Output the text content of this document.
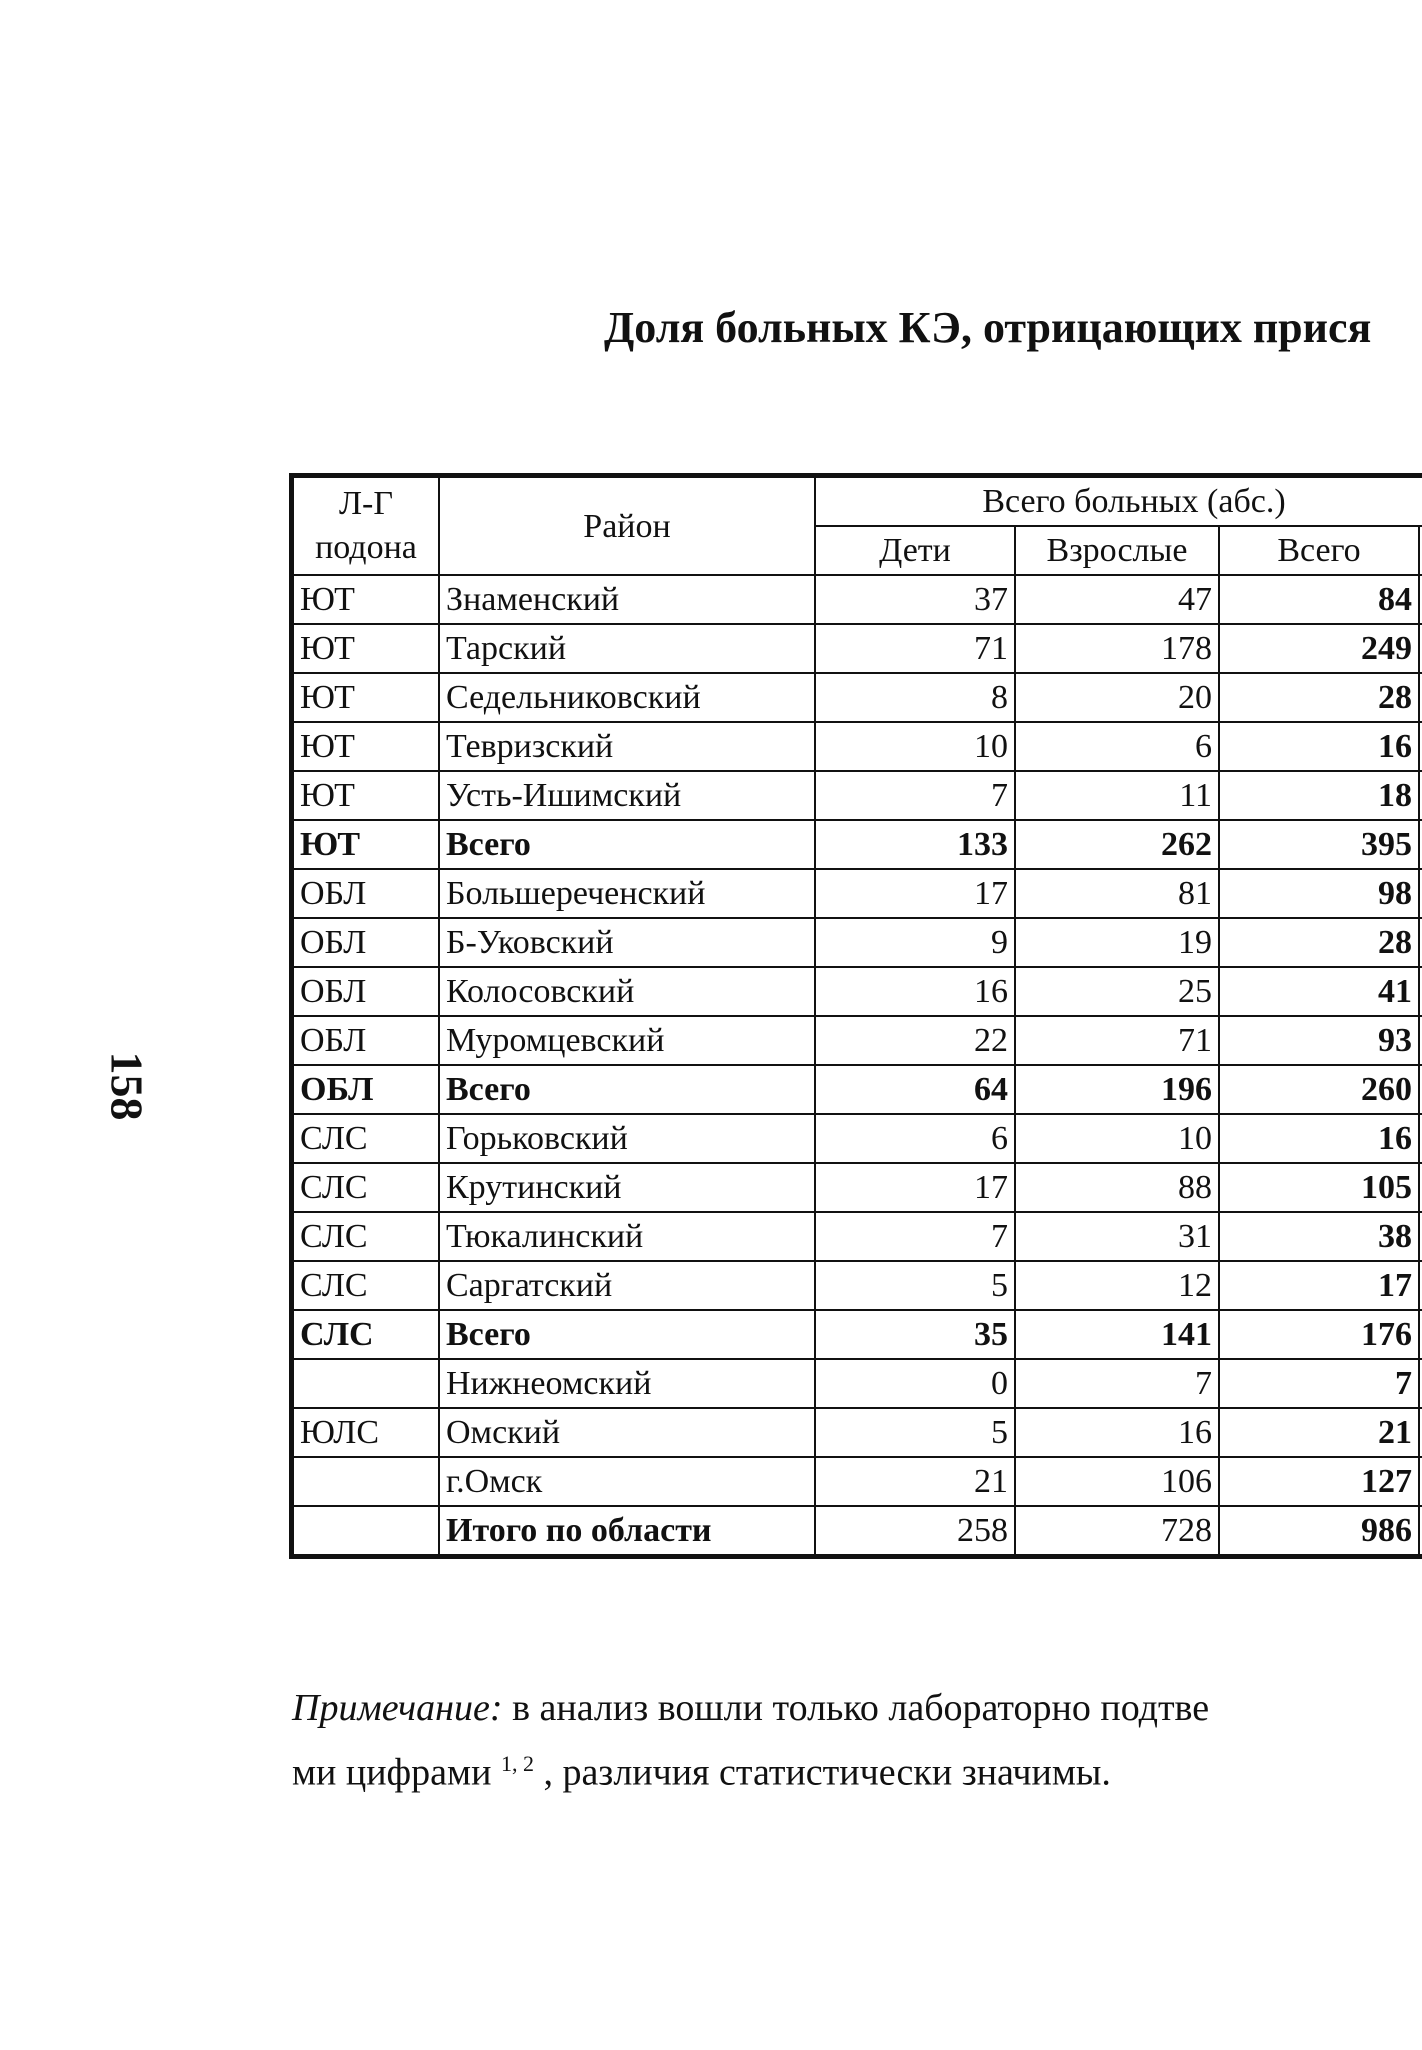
158
Доля больных КЭ, отрицающих прися
Л-Г подона	Район	Всего больных (абс.)			
		Дети	Взрослые	Всего	
ЮТ	Знаменский	37	47	84	
ЮТ	Тарский	71	178	249	
ЮТ	Седельниковский	8	20	28	
ЮТ	Тевризский	10	6	16	
ЮТ	Усть-Ишимский	7	11	18	
ЮТ	Всего	133	262	395	
ОБЛ	Большереченский	17	81	98	
ОБЛ	Б-Уковский	9	19	28	
ОБЛ	Колосовский	16	25	41	
ОБЛ	Муромцевский	22	71	93	
ОБЛ	Всего	64	196	260	
СЛС	Горьковский	6	10	16	
СЛС	Крутинский	17	88	105	
СЛС	Тюкалинский	7	31	38	
СЛС	Саргатский	5	12	17	
СЛС	Всего	35	141	176	
	Нижнеомский	0	7	7	
ЮЛС	Омский	5	16	21	
	г.Омск	21	106	127	
	Итого по области	258	728	986	
Примечание: в анализ вошли только лабораторно подтве
ми цифрами $^{1, 2}$ , различия статистически значимы.
